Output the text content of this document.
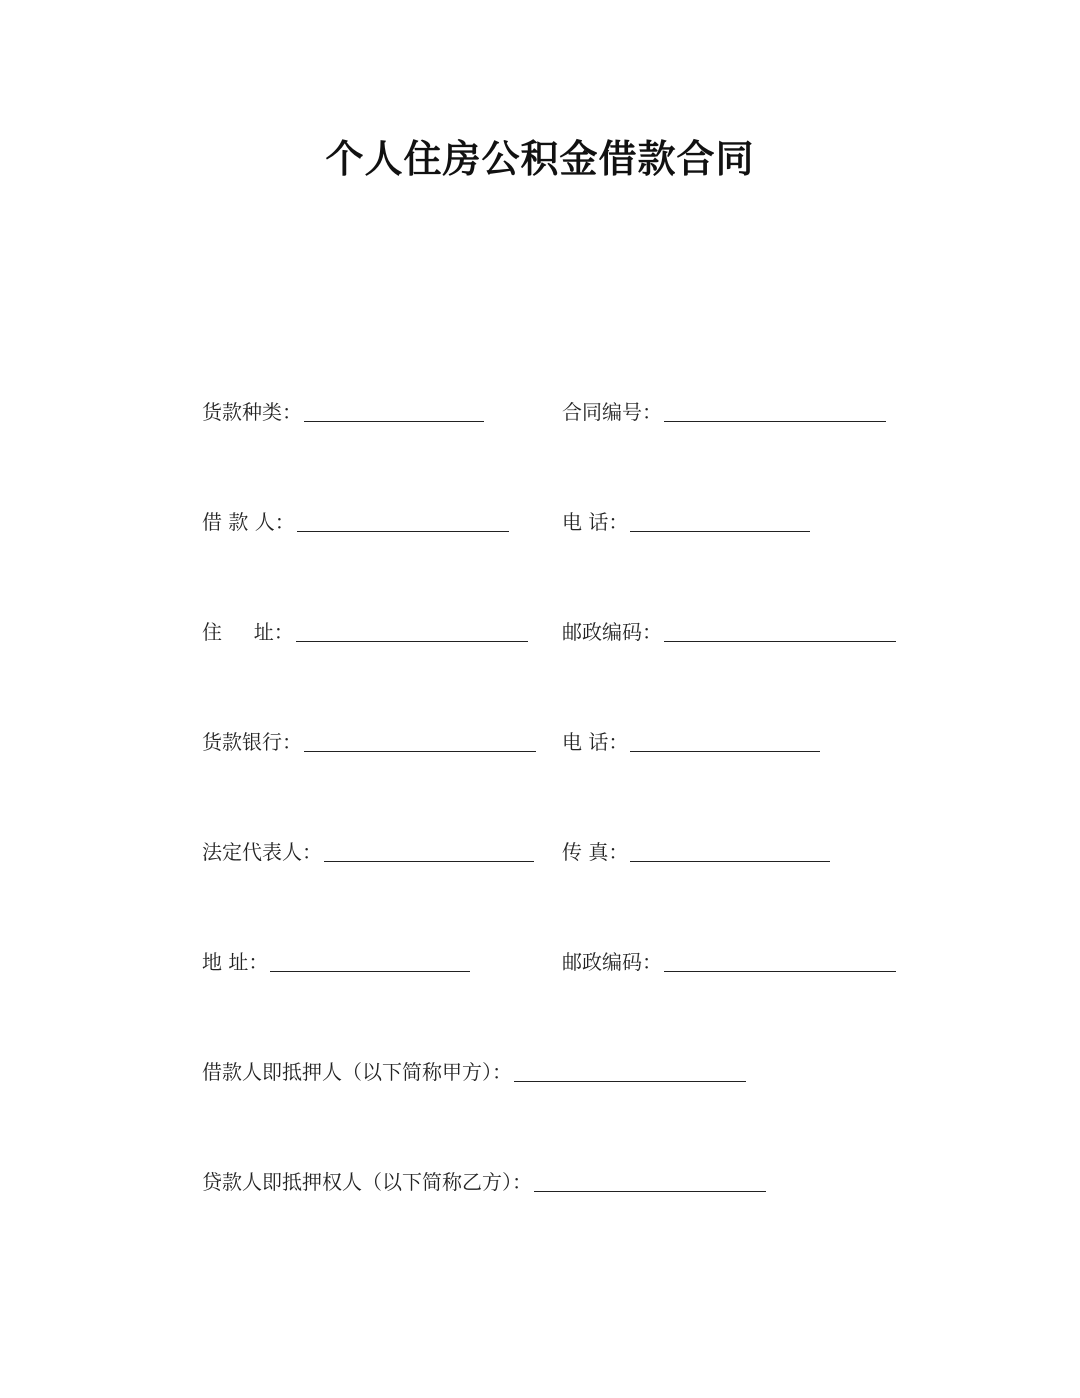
个人住房公积金借款合同
货款种类：	合同编号：
借 款 人：	电 话：
住     址：	邮政编码：
货款银行：	电 话：
法定代表人：	传 真：
地 址：	邮政编码：
借款人即抵押人（以下简称甲方）：
贷款人即抵押权人（以下简称乙方）：
